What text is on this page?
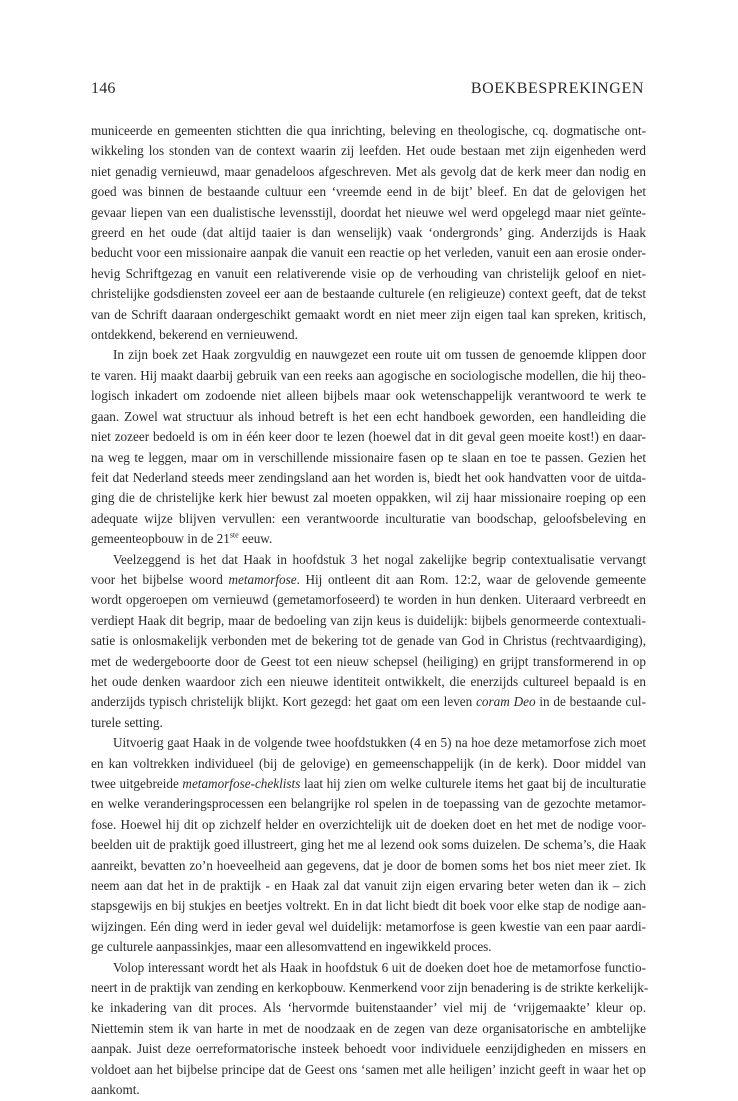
146	BOEKBESPREKINGEN
municeerde en gemeenten stichtten die qua inrichting, beleving en theologische, cq. dogmatische ont-
wikkeling los stonden van de context waarin zij leefden. Het oude bestaan met zijn eigenheden werd
niet genadig vernieuwd, maar genadeloos afgeschreven. Met als gevolg dat de kerk meer dan nodig en
goed was binnen de bestaande cultuur een ‘vreemde eend in de bijt’ bleef. En dat de gelovigen het
gevaar liepen van een dualistische levensstijl, doordat het nieuwe wel werd opgelegd maar niet geïnte-
greerd en het oude (dat altijd taaier is dan wenselijk) vaak ‘ondergronds’ ging. Anderzijds is Haak
beducht voor een missionaire aanpak die vanuit een reactie op het verleden, vanuit een aan erosie onder-
hevig Schriftgezag en vanuit een relativerende visie op de verhouding van christelijk geloof en niet-
christelijke godsdiensten zoveel eer aan de bestaande culturele (en religieuze) context geeft, dat de tekst
van de Schrift daaraan ondergeschikt gemaakt wordt en niet meer zijn eigen taal kan spreken, kritisch,
ontdekkend, bekerend en vernieuwend.
In zijn boek zet Haak zorgvuldig en nauwgezet een route uit om tussen de genoemde klippen door
te varen. Hij maakt daarbij gebruik van een reeks aan agogische en sociologische modellen, die hij theo-
logisch inkadert om zodoende niet alleen bijbels maar ook wetenschappelijk verantwoord te werk te
gaan. Zowel wat structuur als inhoud betreft is het een echt handboek geworden, een handleiding die
niet zozeer bedoeld is om in één keer door te lezen (hoewel dat in dit geval geen moeite kost!) en daar-
na weg te leggen, maar om in verschillende missionaire fasen op te slaan en toe te passen. Gezien het
feit dat Nederland steeds meer zendingsland aan het worden is, biedt het ook handvatten voor de uitda-
ging die de christelijke kerk hier bewust zal moeten oppakken, wil zij haar missionaire roeping op een
adequate wijze blijven vervullen: een verantwoorde inculturatie van boodschap, geloofsbeleving en
gemeenteopbouw in de 21ste eeuw.
Veelzeggend is het dat Haak in hoofdstuk 3 het nogal zakelijke begrip contextualisatie vervangt
voor het bijbelse woord metamorfose. Hij ontleent dit aan Rom. 12:2, waar de gelovende gemeente
wordt opgeroepen om vernieuwd (gemetamorfoseerd) te worden in hun denken. Uiteraard verbreedt en
verdiept Haak dit begrip, maar de bedoeling van zijn keus is duidelijk: bijbels genormeerde contextuali-
satie is onlosmakelijk verbonden met de bekering tot de genade van God in Christus (rechtvaardiging),
met de wedergeboorte door de Geest tot een nieuw schepsel (heiliging) en grijpt transformerend in op
het oude denken waardoor zich een nieuwe identiteit ontwikkelt, die enerzijds cultureel bepaald is en
anderzijds typisch christelijk blijkt. Kort gezegd: het gaat om een leven coram Deo in de bestaande cul-
turele setting.
Uitvoerig gaat Haak in de volgende twee hoofdstukken (4 en 5) na hoe deze metamorfose zich moet
en kan voltrekken individueel (bij de gelovige) en gemeenschappelijk (in de kerk). Door middel van
twee uitgebreide metamorfose-cheklists laat hij zien om welke culturele items het gaat bij de inculturatie
en welke veranderingsprocessen een belangrijke rol spelen in de toepassing van de gezochte metamor-
fose. Hoewel hij dit op zichzelf helder en overzichtelijk uit de doeken doet en het met de nodige voor-
beelden uit de praktijk goed illustreert, ging het me al lezend ook soms duizelen. De schema’s, die Haak
aanreikt, bevatten zo’n hoeveelheid aan gegevens, dat je door de bomen soms het bos niet meer ziet. Ik
neem aan dat het in de praktijk - en Haak zal dat vanuit zijn eigen ervaring beter weten dan ik – zich
stapsgewijs en bij stukjes en beetjes voltrekt. En in dat licht biedt dit boek voor elke stap de nodige aan-
wijzingen. Eén ding werd in ieder geval wel duidelijk: metamorfose is geen kwestie van een paar aardi-
ge culturele aanpassinkjes, maar een allesomvattend en ingewikkeld proces.
Volop interessant wordt het als Haak in hoofdstuk 6 uit de doeken doet hoe de metamorfose functio-
neert in de praktijk van zending en kerkopbouw. Kenmerkend voor zijn benadering is de strikte kerkelijk-
ke inkadering van dit proces. Als ‘hervormde buitenstaander’ viel mij de ‘vrijgemaakte’ kleur op.
Niettemin stem ik van harte in met de noodzaak en de zegen van deze organisatorische en ambtelijke
aanpak. Juist deze oerreformatorische insteek behoedt voor individuele eenzijdigheden en missers en
voldoet aan het bijbelse principe dat de Geest ons ‘samen met alle heiligen’ inzicht geeft in waar het op
aankomt.
